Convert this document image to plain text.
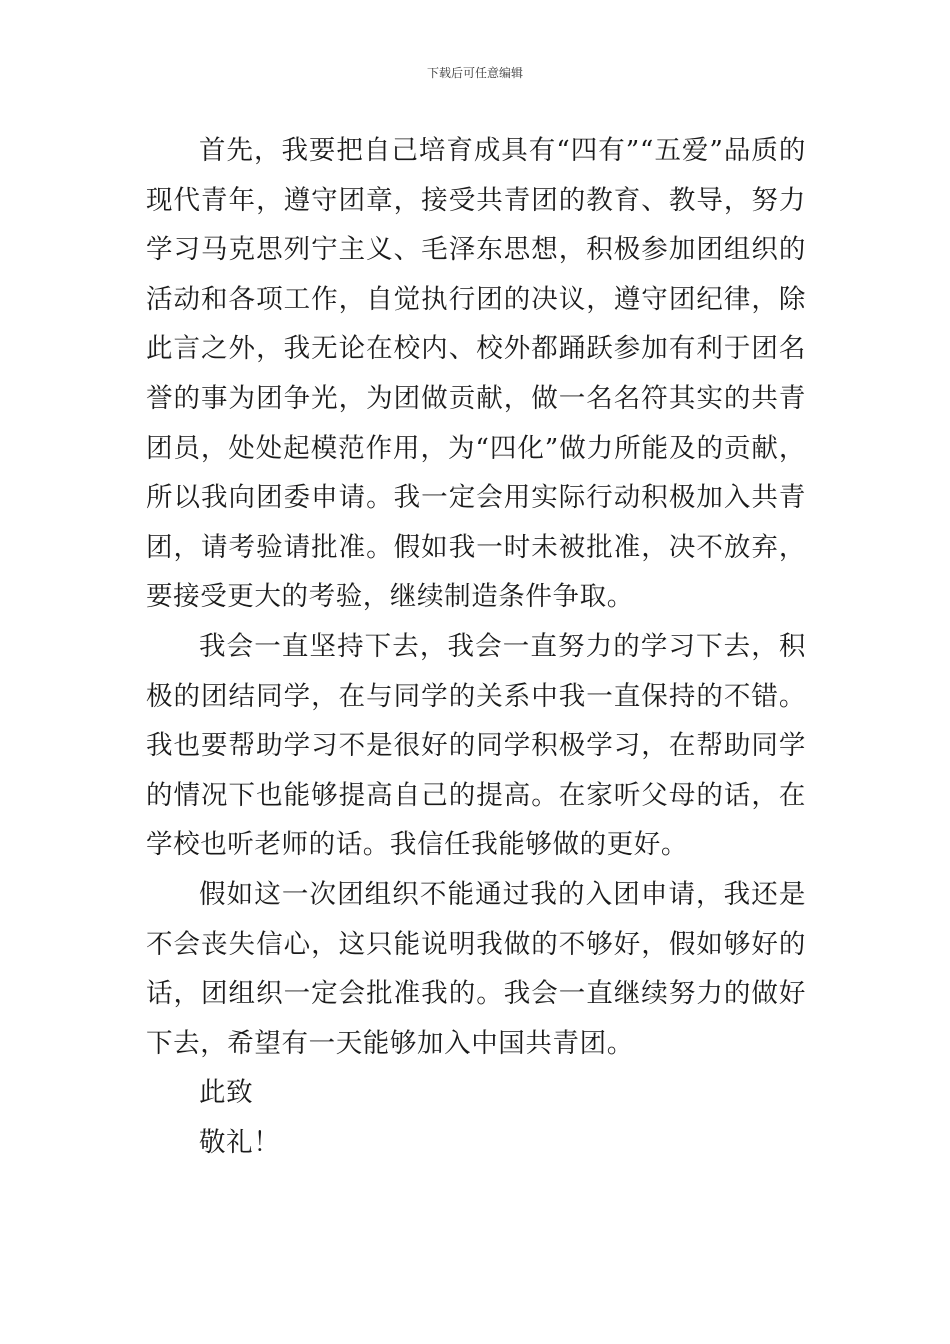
下载后可任意编辑

首先，我要把自己培育成具有“四有”“五爱”品质的现代青年，遵守团章，接受共青团的教育、教导，努力学习马克思列宁主义、毛泽东思想，积极参加团组织的活动和各项工作，自觉执行团的决议，遵守团纪律，除此言之外，我无论在校内、校外都踊跃参加有利于团名誉的事为团争光，为团做贡献，做一名名符其实的共青团员，处处起模范作用，为“四化”做力所能及的贡献，所以我向团委申请。我一定会用实际行动积极加入共青团，请考验请批准。假如我一时未被批准，决不放弃，要接受更大的考验，继续制造条件争取。

我会一直坚持下去，我会一直努力的学习下去，积极的团结同学，在与同学的关系中我一直保持的不错。我也要帮助学习不是很好的同学积极学习，在帮助同学的情况下也能够提高自己的提高。在家听父母的话，在学校也听老师的话。我信任我能够做的更好。

假如这一次团组织不能通过我的入团申请，我还是不会丧失信心，这只能说明我做的不够好，假如够好的话，团组织一定会批准我的。我会一直继续努力的做好下去，希望有一天能够加入中国共青团。

此致

敬礼！
